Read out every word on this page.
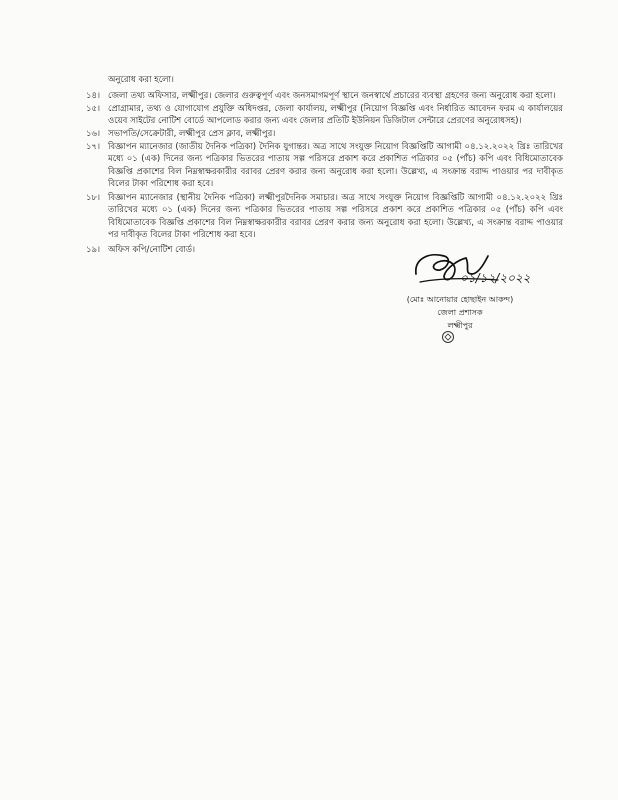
অনুরোধ করা হলো।
১৪। জেলা তথ্য অফিসার, লক্ষ্মীপুর। জেলার গুরুত্বপূর্ণ এবং জনসমাগমপূর্ণ স্থানে জনস্বার্থে প্রচারের ব্যবস্থা গ্রহণের জন্য অনুরোধ করা হলো।
১৫। প্রোগ্রামার, তথ্য ও যোগাযোগ প্রযুক্তি অধিদপ্তর, জেলা কার্যালয়, লক্ষ্মীপুর (নিয়োগ বিজ্ঞপ্তি এবং নির্ধারিত আবেদন ফরম এ কার্যালয়ের ওয়েব সাইটের নোটিশ বোর্ডে আপলোড করার জন্য এবং জেলার প্রতিটি ইউনিয়ন ডিজিটাল সেন্টারে প্রেরণের অনুরোধসহ)।
১৬। সভাপতি/সেক্রেটারী, লক্ষ্মীপুর প্রেস ক্লাব, লক্ষ্মীপুর।
১৭। বিজ্ঞাপন ম্যানেজার (জাতীয় দৈনিক পত্রিকা) দৈনিক যুগান্তর। অত্র সাথে সংযুক্ত নিয়োগ বিজ্ঞপ্তিটি আগামী ০৪.১২.২০২২ খ্রিঃ তারিখের মধ্যে ০১ (এক) দিনের জন্য পত্রিকার ভিতরের পাতায় সল্প পরিসরে প্রকাশ করে প্রকাশিত পত্রিকার ০৫ (পাঁচ) কপি এবং বিধিমোতাবেক বিজ্ঞপ্তি প্রকাশের বিল নিম্নস্বাক্ষরকারীর বরাবর প্রেরণ করার জন্য অনুরোধ করা হলো। উল্লেখ্য, এ সংক্রান্ত বরাদ্দ পাওয়ার পর দাবীকৃত বিলের টাকা পরিশোধ করা হবে।
১৮। বিজ্ঞাপন ম্যানেজার (স্থানীয় দৈনিক পত্রিকা) লক্ষ্মীপুরদৈনিক সমাচার। অত্র সাথে সংযুক্ত নিয়োগ বিজ্ঞপ্তিটি আগামী ০৪.১২.২০২২ খ্রিঃ তারিখের মধ্যে ০১ (এক) দিনের জন্য পত্রিকার ভিতরের পাতায় সল্প পরিসরে প্রকাশ করে প্রকাশিত পত্রিকার ০৫ (পাঁচ) কপি এবং বিধিমোতাবেক বিজ্ঞপ্তি প্রকাশের বিল নিম্নস্বাক্ষরকারীর বরাবর প্রেরণ করার জন্য অনুরোধ করা হলো। উল্লেখ্য, এ সংক্রান্ত বরাদ্দ পাওয়ার পর দাবীকৃত বিলের টাকা পরিশোধ করা হবে।
১৯। অফিস কপি/নোটিশ বোর্ড।
০১/১২/২০২২
(মোঃ আনোয়ার হোছাইন আকন্দ)
জেলা প্রশাসক
লক্ষ্মীপুর
